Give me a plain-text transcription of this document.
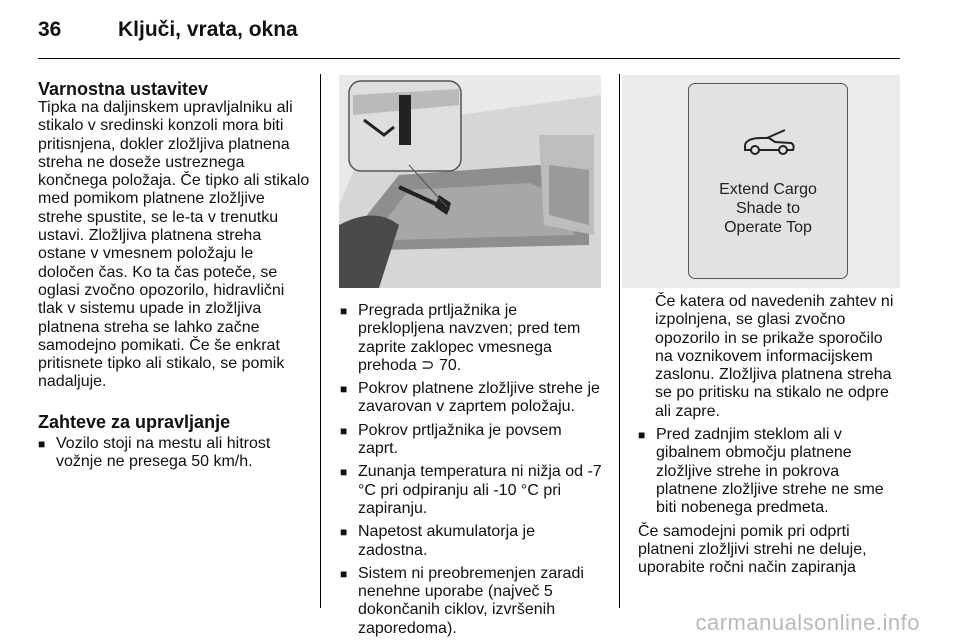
36	Ključi, vrata, okna
Varnostna ustavitev

Tipka na daljinskem upravljalniku ali stikalo v sredinski konzoli mora biti pritisnjena, dokler zložljiva platnena streha ne doseže ustreznega končnega položaja. Če tipko ali stikalo med pomikom platnene zložljive strehe spustite, se le-ta v trenutku ustavi. Zložljiva platnena streha ostane v vmesnem položaju le določen čas. Ko ta čas poteče, se oglasi zvočno opozorilo, hidravlični tlak v sistemu upade in zložljiva platnena streha se lahko začne samodejno pomikati. Če še enkrat pritisnete tipko ali stikalo, se pomik nadaljuje.

Zahteve za upravljanje
■ Vozilo stoji na mestu ali hitrost vožnje ne presega 50 km/h.
■ Pregrada prtljažnika je preklopljena navzven; pred tem zaprite zaklopec vmesnega prehoda ⊃ 70.
■ Pokrov platnene zložljive strehe je zavarovan v zaprtem položaju.
■ Pokrov prtljažnika je povsem zaprt.
■ Zunanja temperatura ni nižja od -7 °C pri odpiranju ali -10 °C pri zapiranju.
■ Napetost akumulatorja je zadostna.
■ Sistem ni preobremenjen zaradi nenehne uporabe (največ 5 dokončanih ciklov, izvršenih zaporedoma).
Extend Cargo
Shade to
Operate Top

Če katera od navedenih zahtev ni izpolnjena, se glasi zvočno opozorilo in se prikaže sporočilo na voznikovem informacijskem zaslonu. Zložljiva platnena streha se po pritisku na stikalo ne odpre ali zapre.

■ Pred zadnjim steklom ali v gibalnem območju platnene zložljive strehe in pokrova platnene zložljive strehe ne sme biti nobenega predmeta.

Če samodejni pomik pri odprti platneni zložljivi strehi ne deluje, uporabite ročni način zapiranja

carmanualsonline.info
